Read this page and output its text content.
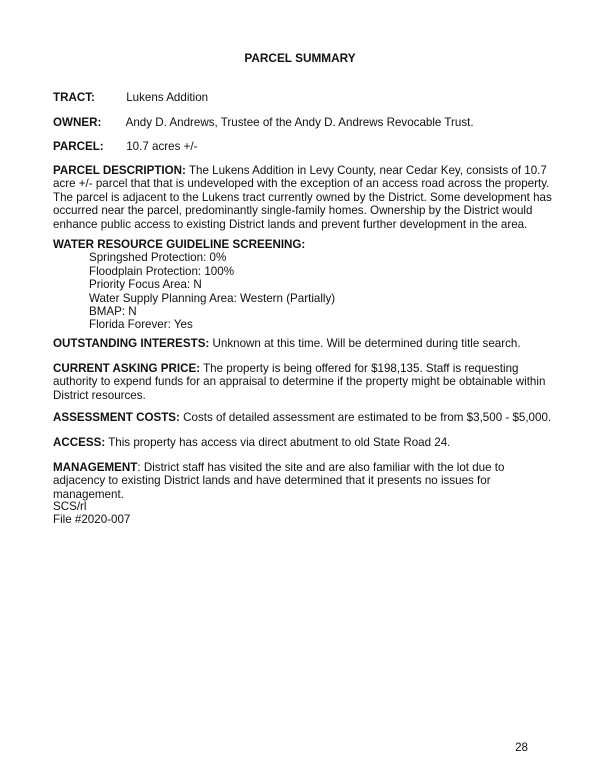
PARCEL SUMMARY
TRACT:	Lukens Addition
OWNER: Andy D. Andrews, Trustee of the Andy D. Andrews Revocable Trust.
PARCEL: 10.7 acres +/-

PARCEL DESCRIPTION: The Lukens Addition in Levy County, near Cedar Key, consists of 10.7 acre +/- parcel that that is undeveloped with the exception of an access road across the property. The parcel is adjacent to the Lukens tract currently owned by the District. Some development has occurred near the parcel, predominantly single-family homes. Ownership by the District would enhance public access to existing District lands and prevent further development in the area.

WATER RESOURCE GUIDELINE SCREENING:

Springshed Protection: 0%
Floodplain Protection: 100%
Priority Focus Area: N
Water Supply Planning Area: Western (Partially)
BMAP: N
Florida Forever: Yes

OUTSTANDING INTERESTS: Unknown at this time. Will be determined during title search.

CURRENT ASKING PRICE: The property is being offered for $198,135. Staff is requesting authority to expend funds for an appraisal to determine if the property might be obtainable within District resources.

ASSESSMENT COSTS: Costs of detailed assessment are estimated to be from $3,500 - $5,000.

ACCESS: This property has access via direct abutment to old State Road 24.

MANAGEMENT: District staff has visited the site and are also familiar with the lot due to adjacency to existing District lands and have determined that it presents no issues for management.

SCS/rl

File #2020-007

28
